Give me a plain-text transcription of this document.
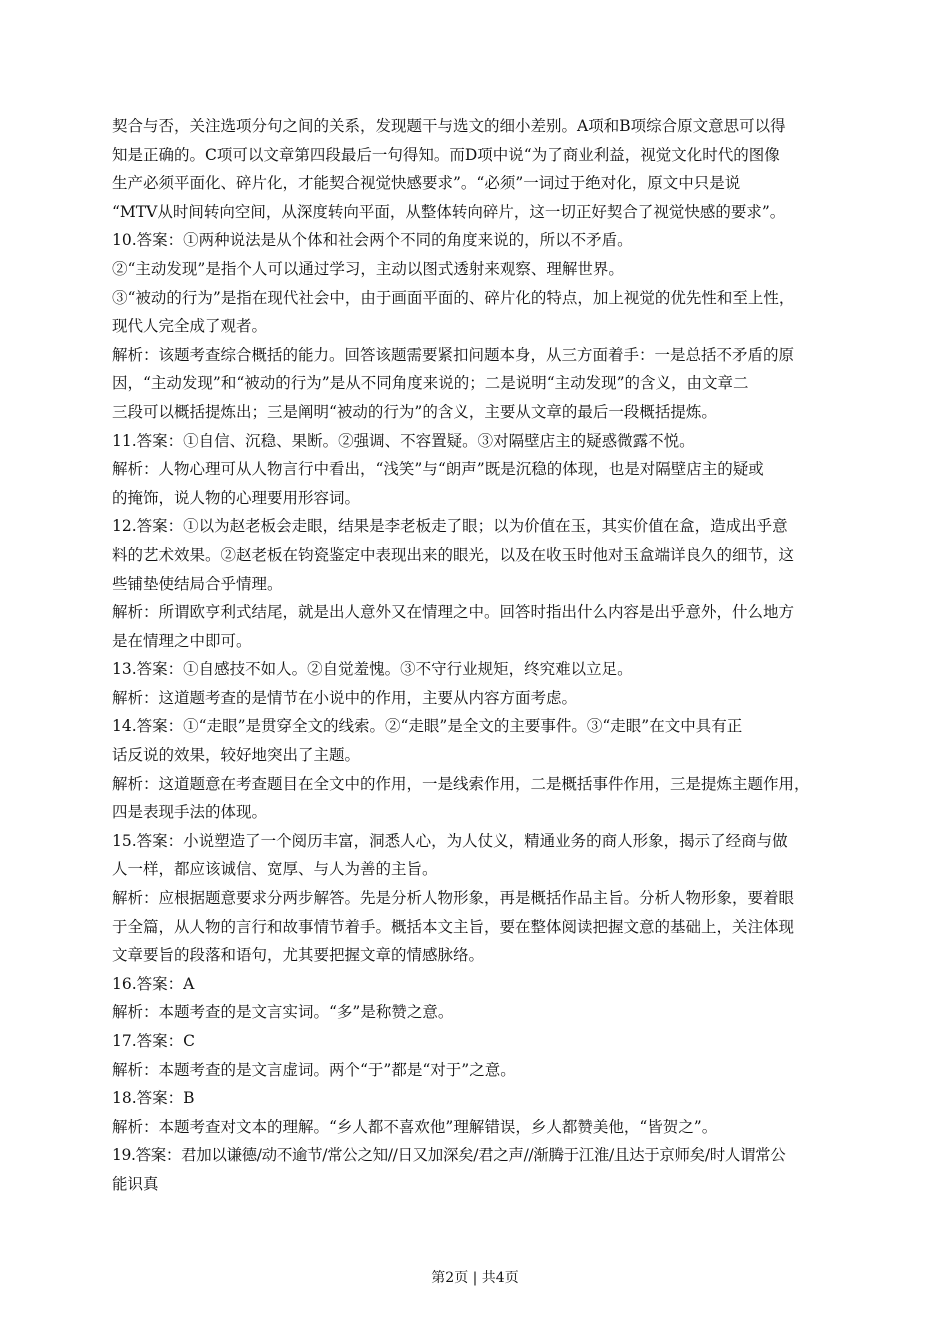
契合与否，关注选项分句之间的关系，发现题干与选文的细小差别。A项和B项综合原文意思可以得
知是正确的。C项可以文章第四段最后一句得知。而D项中说“为了商业利益，视觉文化时代的图像
生产必须平面化、碎片化，才能契合视觉快感要求”。“必须”一词过于绝对化，原文中只是说
“MTV从时间转向空间，从深度转向平面，从整体转向碎片，这一切正好契合了视觉快感的要求”。
10.答案：①两种说法是从个体和社会两个不同的角度来说的，所以不矛盾。
②“主动发现”是指个人可以通过学习，主动以图式透射来观察、理解世界。
③“被动的行为”是指在现代社会中，由于画面平面的、碎片化的特点，加上视觉的优先性和至上性，
现代人完全成了观者。
解析：该题考查综合概括的能力。回答该题需要紧扣问题本身，从三方面着手：一是总括不矛盾的原
因，“主动发现”和“被动的行为”是从不同角度来说的；二是说明“主动发现”的含义，由文章二
三段可以概括提炼出；三是阐明“被动的行为”的含义，主要从文章的最后一段概括提炼。
11.答案：①自信、沉稳、果断。②强调、不容置疑。③对隔壁店主的疑惑微露不悦。
解析：人物心理可从人物言行中看出，“浅笑”与“朗声”既是沉稳的体现，也是对隔壁店主的疑或
的掩饰，说人物的心理要用形容词。
12.答案：①以为赵老板会走眼，结果是李老板走了眼；以为价值在玉，其实价值在盒，造成出乎意
料的艺术效果。②赵老板在钧瓷鉴定中表现出来的眼光，以及在收玉时他对玉盒端详良久的细节，这
些铺垫使结局合乎情理。
解析：所谓欧亨利式结尾，就是出人意外又在情理之中。回答时指出什么内容是出乎意外，什么地方
是在情理之中即可。
13.答案：①自感技不如人。②自觉羞愧。③不守行业规矩，终究难以立足。
解析：这道题考查的是情节在小说中的作用，主要从内容方面考虑。
14.答案：①“走眼”是贯穿全文的线索。②“走眼”是全文的主要事件。③“走眼”在文中具有正
话反说的效果，较好地突出了主题。
解析：这道题意在考查题目在全文中的作用，一是线索作用，二是概括事件作用，三是提炼主题作用，
四是表现手法的体现。
15.答案：小说塑造了一个阅历丰富，洞悉人心，为人仗义，精通业务的商人形象，揭示了经商与做
人一样，都应该诚信、宽厚、与人为善的主旨。
解析：应根据题意要求分两步解答。先是分析人物形象，再是概括作品主旨。分析人物形象，要着眼
于全篇，从人物的言行和故事情节着手。概括本文主旨，要在整体阅读把握文意的基础上，关注体现
文章要旨的段落和语句，尤其要把握文章的情感脉络。
16.答案：A
解析：本题考查的是文言实词。“多”是称赞之意。
17.答案：C
解析：本题考查的是文言虚词。两个“于”都是“对于”之意。
18.答案：B
解析：本题考查对文本的理解。“乡人都不喜欢他”理解错误，乡人都赞美他，“皆贺之”。
19.答案：君加以谦德/动不逾节/常公之知//日又加深矣/君之声//渐腾于江淮/且达于京师矣/时人谓常公
能识真
第2页 | 共4页
